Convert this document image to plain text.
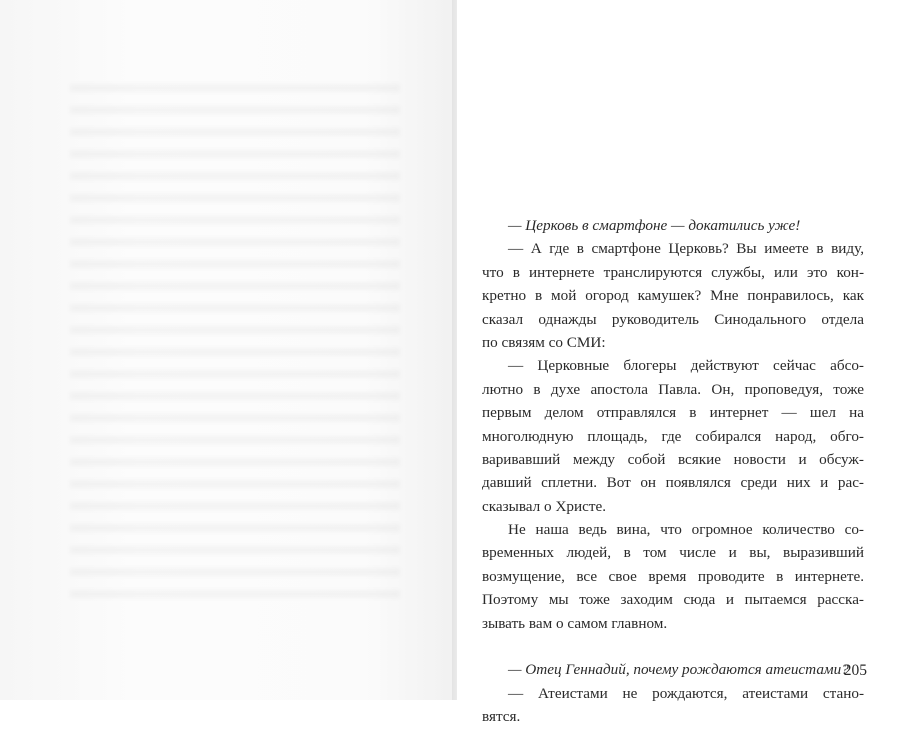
— Церковь в смартфоне — докатились уже!
— А где в смартфоне Церковь? Вы имеете в виду,
что в интернете транслируются службы, или это кон-
кретно в мой огород камушек? Мне понравилось, как
сказал однажды руководитель Синодального отдела
по связям со СМИ:
— Церковные блогеры действуют сейчас абсо-
лютно в духе апостола Павла. Он, проповедуя, тоже
первым делом отправлялся в интернет — шел на
многолюдную площадь, где собирался народ, обго-
варивавший между собой всякие новости и обсуж-
давший сплетни. Вот он появлялся среди них и рас-
сказывал о Христе.
Не наша ведь вина, что огромное количество со-
временных людей, в том числе и вы, выразивший
возмущение, все свое время проводите в интернете.
Поэтому мы тоже заходим сюда и пытаемся расска-
зывать вам о самом главном.
— Отец Геннадий, почему рождаются атеистами?
— Атеистами не рождаются, атеистами стано-
вятся.
205
